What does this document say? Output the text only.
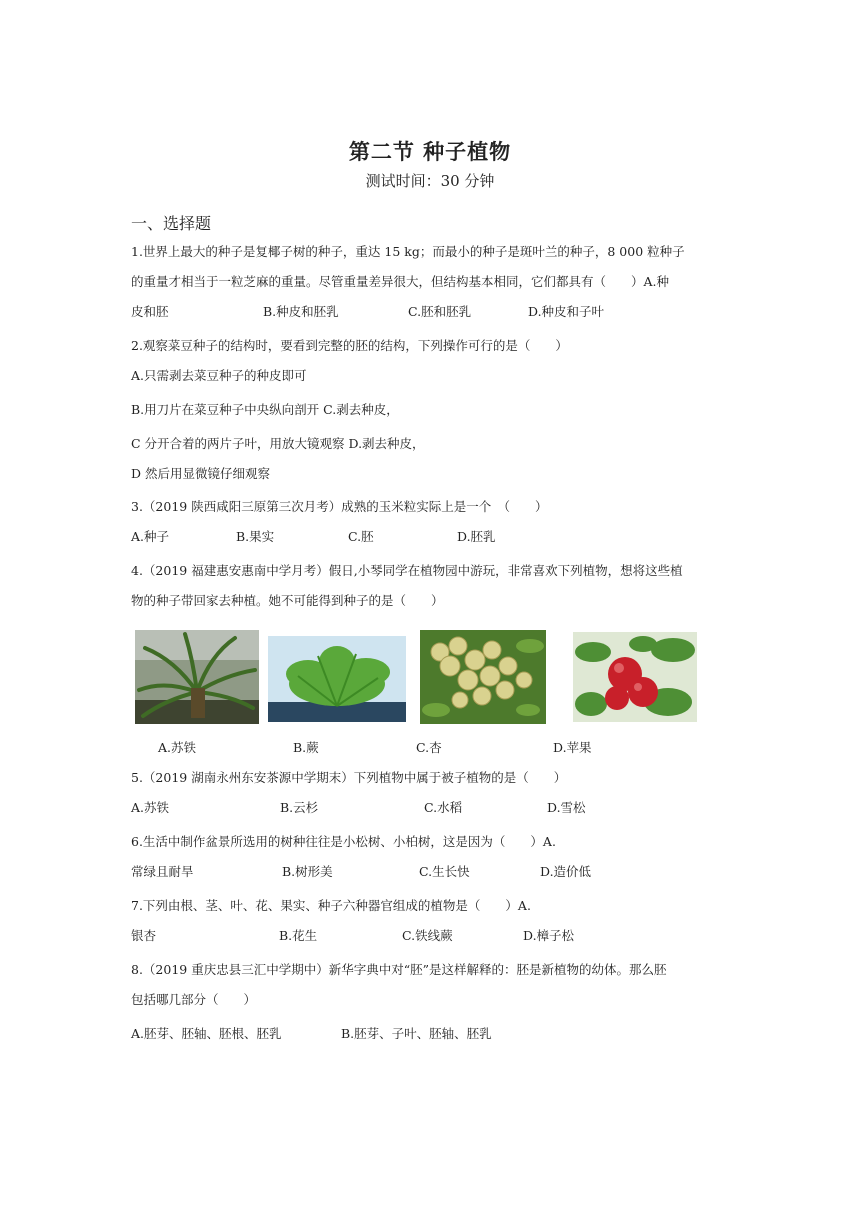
第二节 种子植物
测试时间：30 分钟
一、选择题
1.世界上最大的种子是复椰子树的种子，重达 15 kg；而最小的种子是斑叶兰的种子，8 000 粒种子
的重量才相当于一粒芝麻的重量。尽管重量差异很大，但结构基本相同，它们都具有（　　）A.种
皮和胚	B.种皮和胚乳	C.胚和胚乳	D.种皮和子叶
2.观察菜豆种子的结构时，要看到完整的胚的结构，下列操作可行的是（　　）
A.只需剥去菜豆种子的种皮即可
B.用刀片在菜豆种子中央纵向剖开 C.剥去种皮，
C 分开合着的两片子叶，用放大镜观察 D.剥去种皮，
D 然后用显微镜仔细观察
3.（2019 陕西咸阳三原第三次月考）成熟的玉米粒实际上是一个　（　　）
A.种子	B.果实	C.胚	D.胚乳
4.（2019 福建惠安惠南中学月考）假日,小琴同学在植物园中游玩，非常喜欢下列植物，想将这些植
物的种子带回家去种植。她不可能得到种子的是（　　）
A.苏铁	B.蕨	C.杏	D.苹果
5.（2019 湖南永州东安茶源中学期末）下列植物中属于被子植物的是（　　）
A.苏铁	B.云杉	C.水稻	D.雪松
6.生活中制作盆景所选用的树种往往是小松树、小柏树，这是因为（　　）A.
常绿且耐旱	B.树形美	C.生长快	D.造价低
7.下列由根、茎、叶、花、果实、种子六种器官组成的植物是（　　）A.
银杏	B.花生	C.铁线蕨	D.樟子松
8.（2019 重庆忠县三汇中学期中）新华字典中对“胚”是这样解释的：胚是新植物的幼体。那么胚
包括哪几部分（　　）
A.胚芽、胚轴、胚根、胚乳	B.胚芽、子叶、胚轴、胚乳
